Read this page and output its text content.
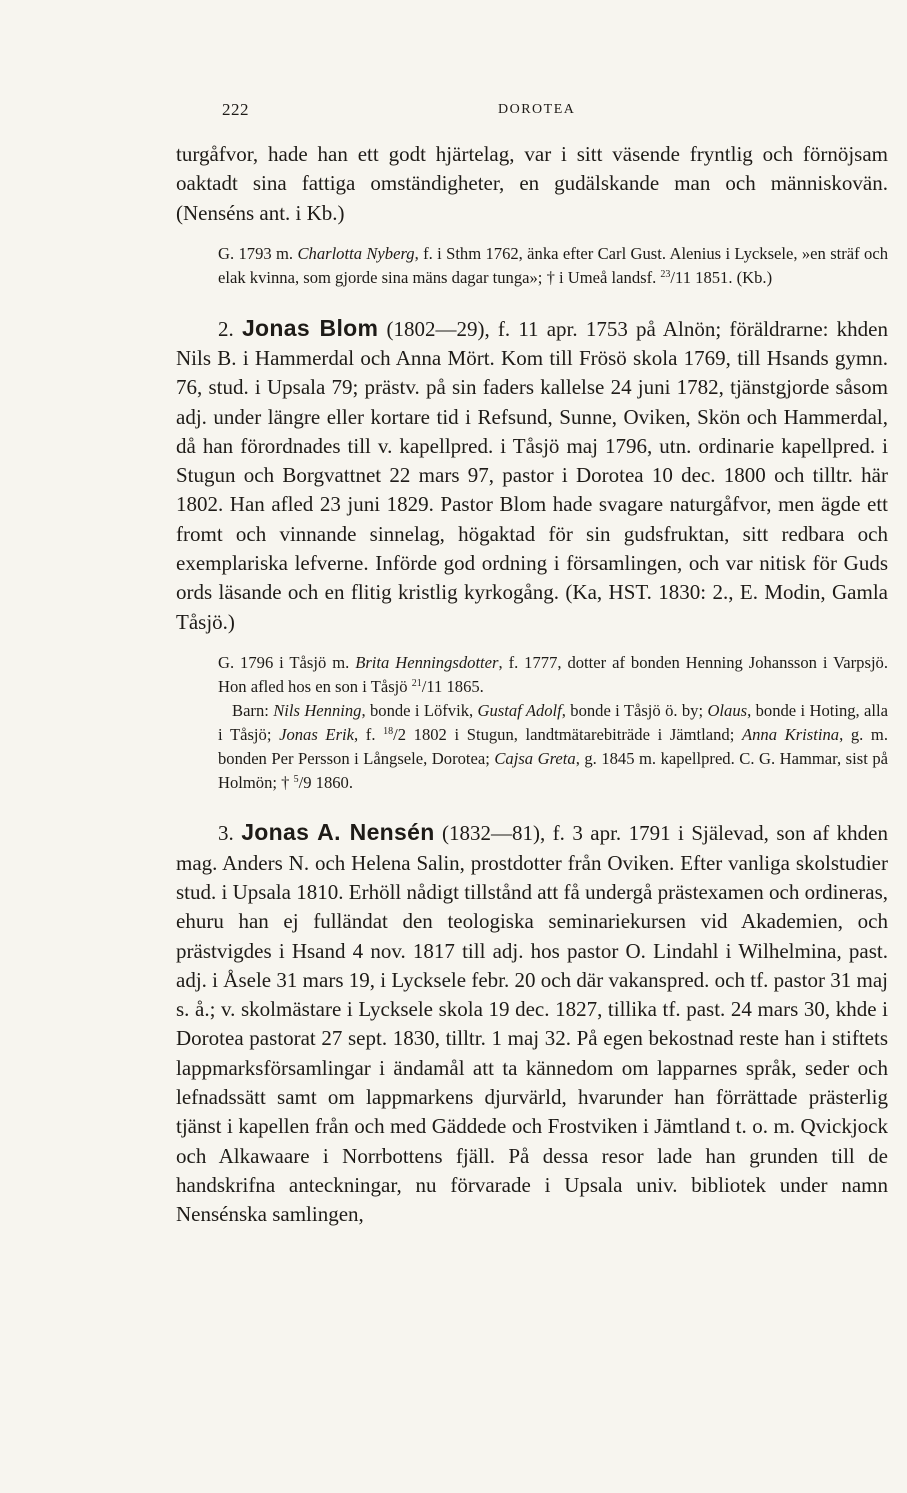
222	DOROTEA

turgåfvor, hade han ett godt hjärtelag, var i sitt väsende fryntlig och förnöjsam oaktadt sina fattiga omständigheter, en gudälskande man och människovän. (Nenséns ant. i Kb.)

G. 1793 m. Charlotta Nyberg, f. i Sthm 1762, änka efter Carl Gust. Alenius i Lycksele, »en sträf och elak kvinna, som gjorde sina mäns dagar tunga»; † i Umeå landsf. $^{23}$/11 1851. (Kb.)

2. Jonas Blom (1802—29), f. 11 apr. 1753 på Alnön; föräldrarne: khden Nils B. i Hammerdal och Anna Mört. Kom till Frösö skola 1769, till Hsands gymn. 76, stud. i Upsala 79; prästv. på sin faders kallelse 24 juni 1782, tjänstgjorde såsom adj. under längre eller kortare tid i Refsund, Sunne, Oviken, Skön och Hammerdal, då han förordnades till v. kapellpred. i Tåsjö maj 1796, utn. ordinarie kapellpred. i Stugun och Borgvattnet 22 mars 97, pastor i Dorotea 10 dec. 1800 och tilltr. här 1802. Han afled 23 juni 1829. Pastor Blom hade svagare naturgåfvor, men ägde ett fromt och vinnande sinnelag, högaktad för sin gudsfruktan, sitt redbara och exemplariska lefverne. Införde god ordning i församlingen, och var nitisk för Guds ords läsande och en flitig kristlig kyrkogång. (Ka, HST. 1830: 2., E. Modin, Gamla Tåsjö.)

G. 1796 i Tåsjö m. Brita Henningsdotter, f. 1777, dotter af bonden Henning Johansson i Varpsjö. Hon afled hos en son i Tåsjö $^{21}$/11 1865.

Barn: Nils Henning, bonde i Löfvik, Gustaf Adolf, bonde i Tåsjö ö. by; Olaus, bonde i Hoting, alla i Tåsjö; Jonas Erik, f. $^{18}$/2 1802 i Stugun, landtmätarebiträde i Jämtland; Anna Kristina, g. m. bonden Per Persson i Långsele, Dorotea; Cajsa Greta, g. 1845 m. kapellpred. C. G. Hammar, sist på Holmön; † $^5$/9 1860.

3. Jonas A. Nensén (1832—81), f. 3 apr. 1791 i Själevad, son af khden mag. Anders N. och Helena Salin, prostdotter från Oviken. Efter vanliga skolstudier stud. i Upsala 1810. Erhöll nådigt tillstånd att få undergå prästexamen och ordineras, ehuru han ej fulländat den teologiska seminariekursen vid Akademien, och prästvigdes i Hsand 4 nov. 1817 till adj. hos pastor O. Lindahl i Wilhelmina, past. adj. i Åsele 31 mars 19, i Lycksele febr. 20 och där vakanspred. och tf. pastor 31 maj s. å.; v. skolmästare i Lycksele skola 19 dec. 1827, tillika tf. past. 24 mars 30, khde i Dorotea pastorat 27 sept. 1830, tilltr. 1 maj 32. På egen bekostnad reste han i stiftets lappmarksförsamlingar i ändamål att ta kännedom om lapparnes språk, seder och lefnadssätt samt om lappmarkens djurvärld, hvarunder han förrättade prästerlig tjänst i kapellen från och med Gäddede och Frostviken i Jämtland t. o. m. Qvickjock och Alkawaare i Norrbottens fjäll. På dessa resor lade han grunden till de handskrifna anteckningar, nu förvarade i Upsala univ. bibliotek under namn Nensénska samlingen,
